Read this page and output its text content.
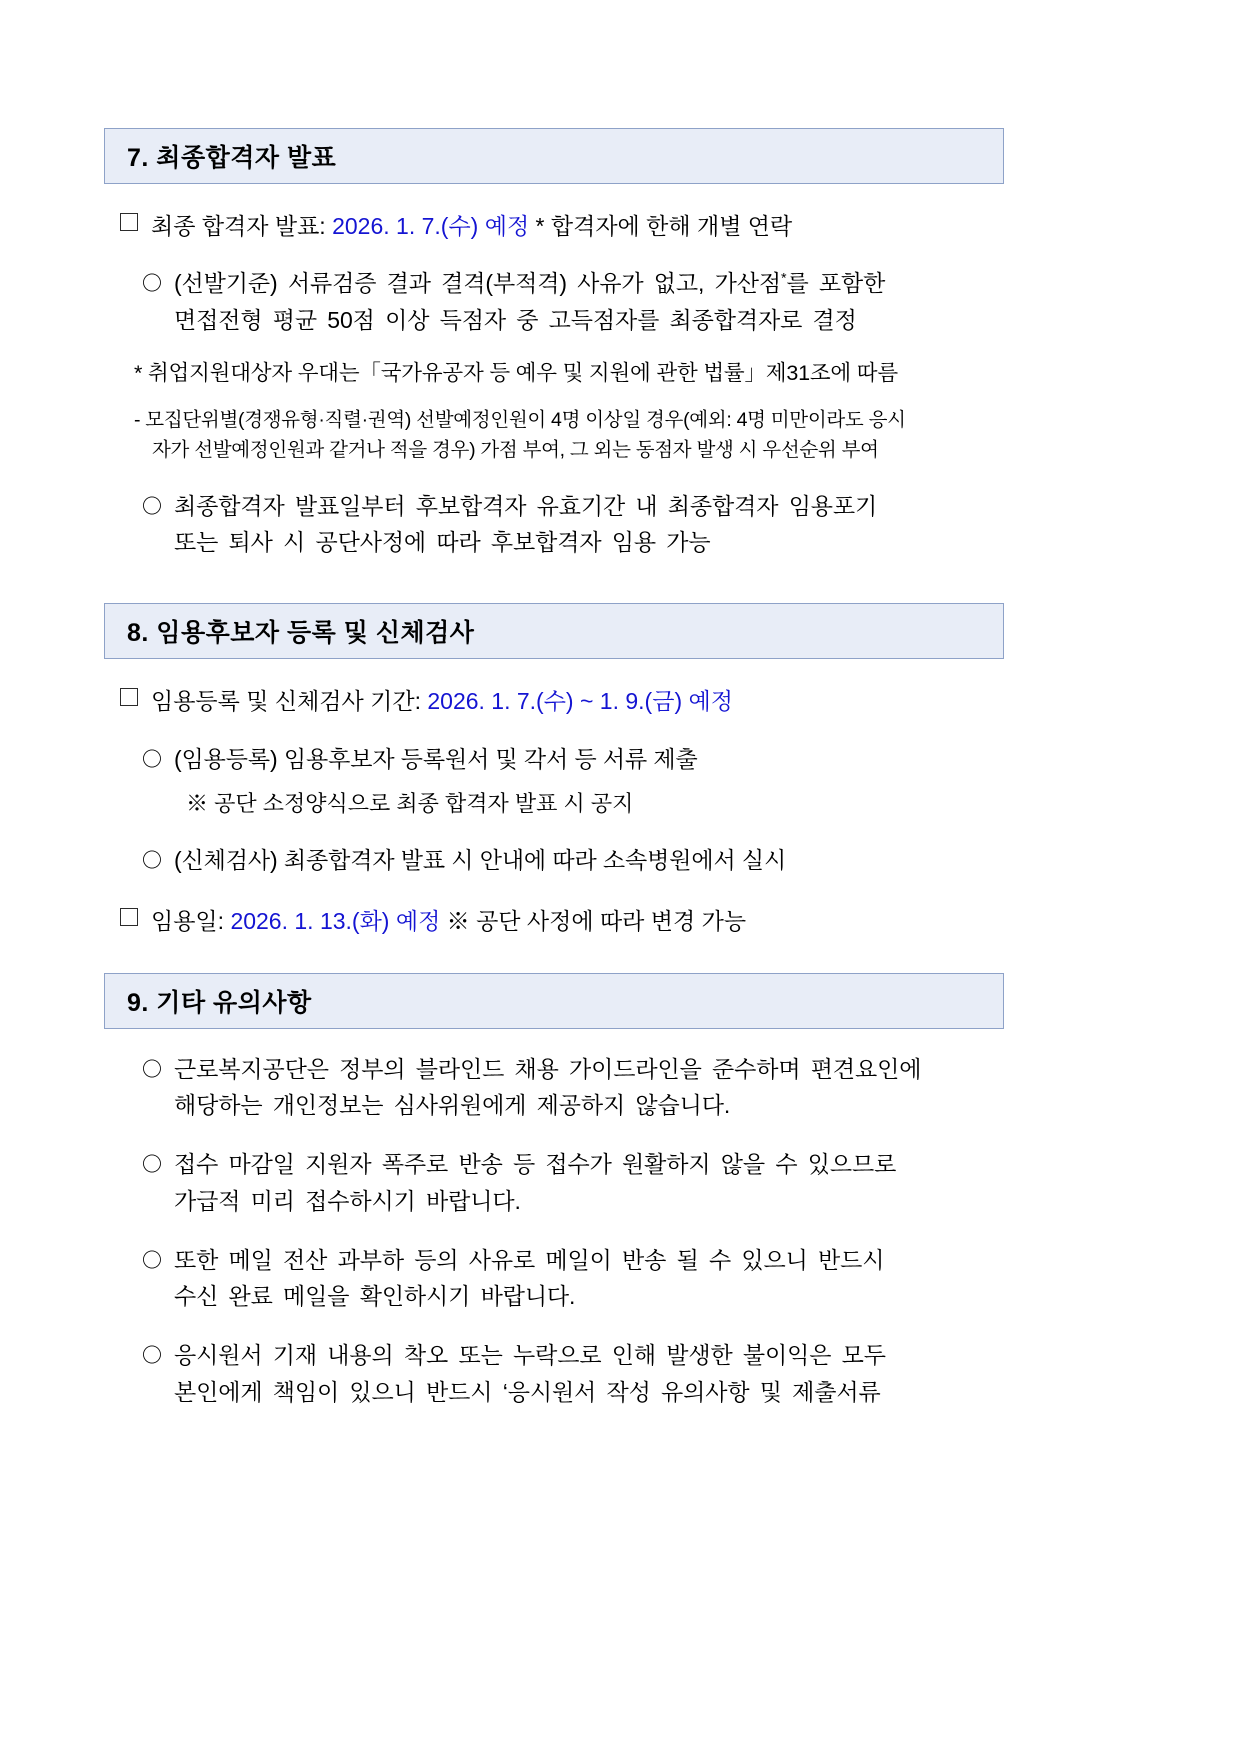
7. 최종합격자 발표
최종 합격자 발표: 2026. 1. 7.(수) 예정 * 합격자에 한해 개별 연락
〇 (선발기준) 서류검증 결과 결격(부적격) 사유가 없고, 가산점*를 포함한
면접전형 평균 50점 이상 득점자 중 고득점자를 최종합격자로 결정
* 취업지원대상자 우대는「국가유공자 등 예우 및 지원에 관한 법률」제31조에 따름
- 모집단위별(경쟁유형·직렬·권역) 선발예정인원이 4명 이상일 경우(예외: 4명 미만이라도 응시
자가 선발예정인원과 같거나 적을 경우) 가점 부여, 그 외는 동점자 발생 시 우선순위 부여
〇 최종합격자 발표일부터 후보합격자 유효기간 내 최종합격자 임용포기
또는 퇴사 시 공단사정에 따라 후보합격자 임용 가능
8. 임용후보자 등록 및 신체검사
임용등록 및 신체검사 기간: 2026. 1. 7.(수) ~ 1. 9.(금) 예정
〇 (임용등록) 임용후보자 등록원서 및 각서 등 서류 제출
※ 공단 소정양식으로 최종 합격자 발표 시 공지
〇 (신체검사) 최종합격자 발표 시 안내에 따라 소속병원에서 실시
임용일: 2026. 1. 13.(화) 예정 ※ 공단 사정에 따라 변경 가능
9. 기타 유의사항
〇 근로복지공단은 정부의 블라인드 채용 가이드라인을 준수하며 편견요인에
해당하는 개인정보는 심사위원에게 제공하지 않습니다.
〇 접수 마감일 지원자 폭주로 반송 등 접수가 원활하지 않을 수 있으므로
가급적 미리 접수하시기 바랍니다.
〇 또한 메일 전산 과부하 등의 사유로 메일이 반송 될 수 있으니 반드시
수신 완료 메일을 확인하시기 바랍니다.
〇 응시원서 기재 내용의 착오 또는 누락으로 인해 발생한 불이익은 모두
본인에게 책임이 있으니 반드시 ‘응시원서 작성 유의사항 및 제출서류
